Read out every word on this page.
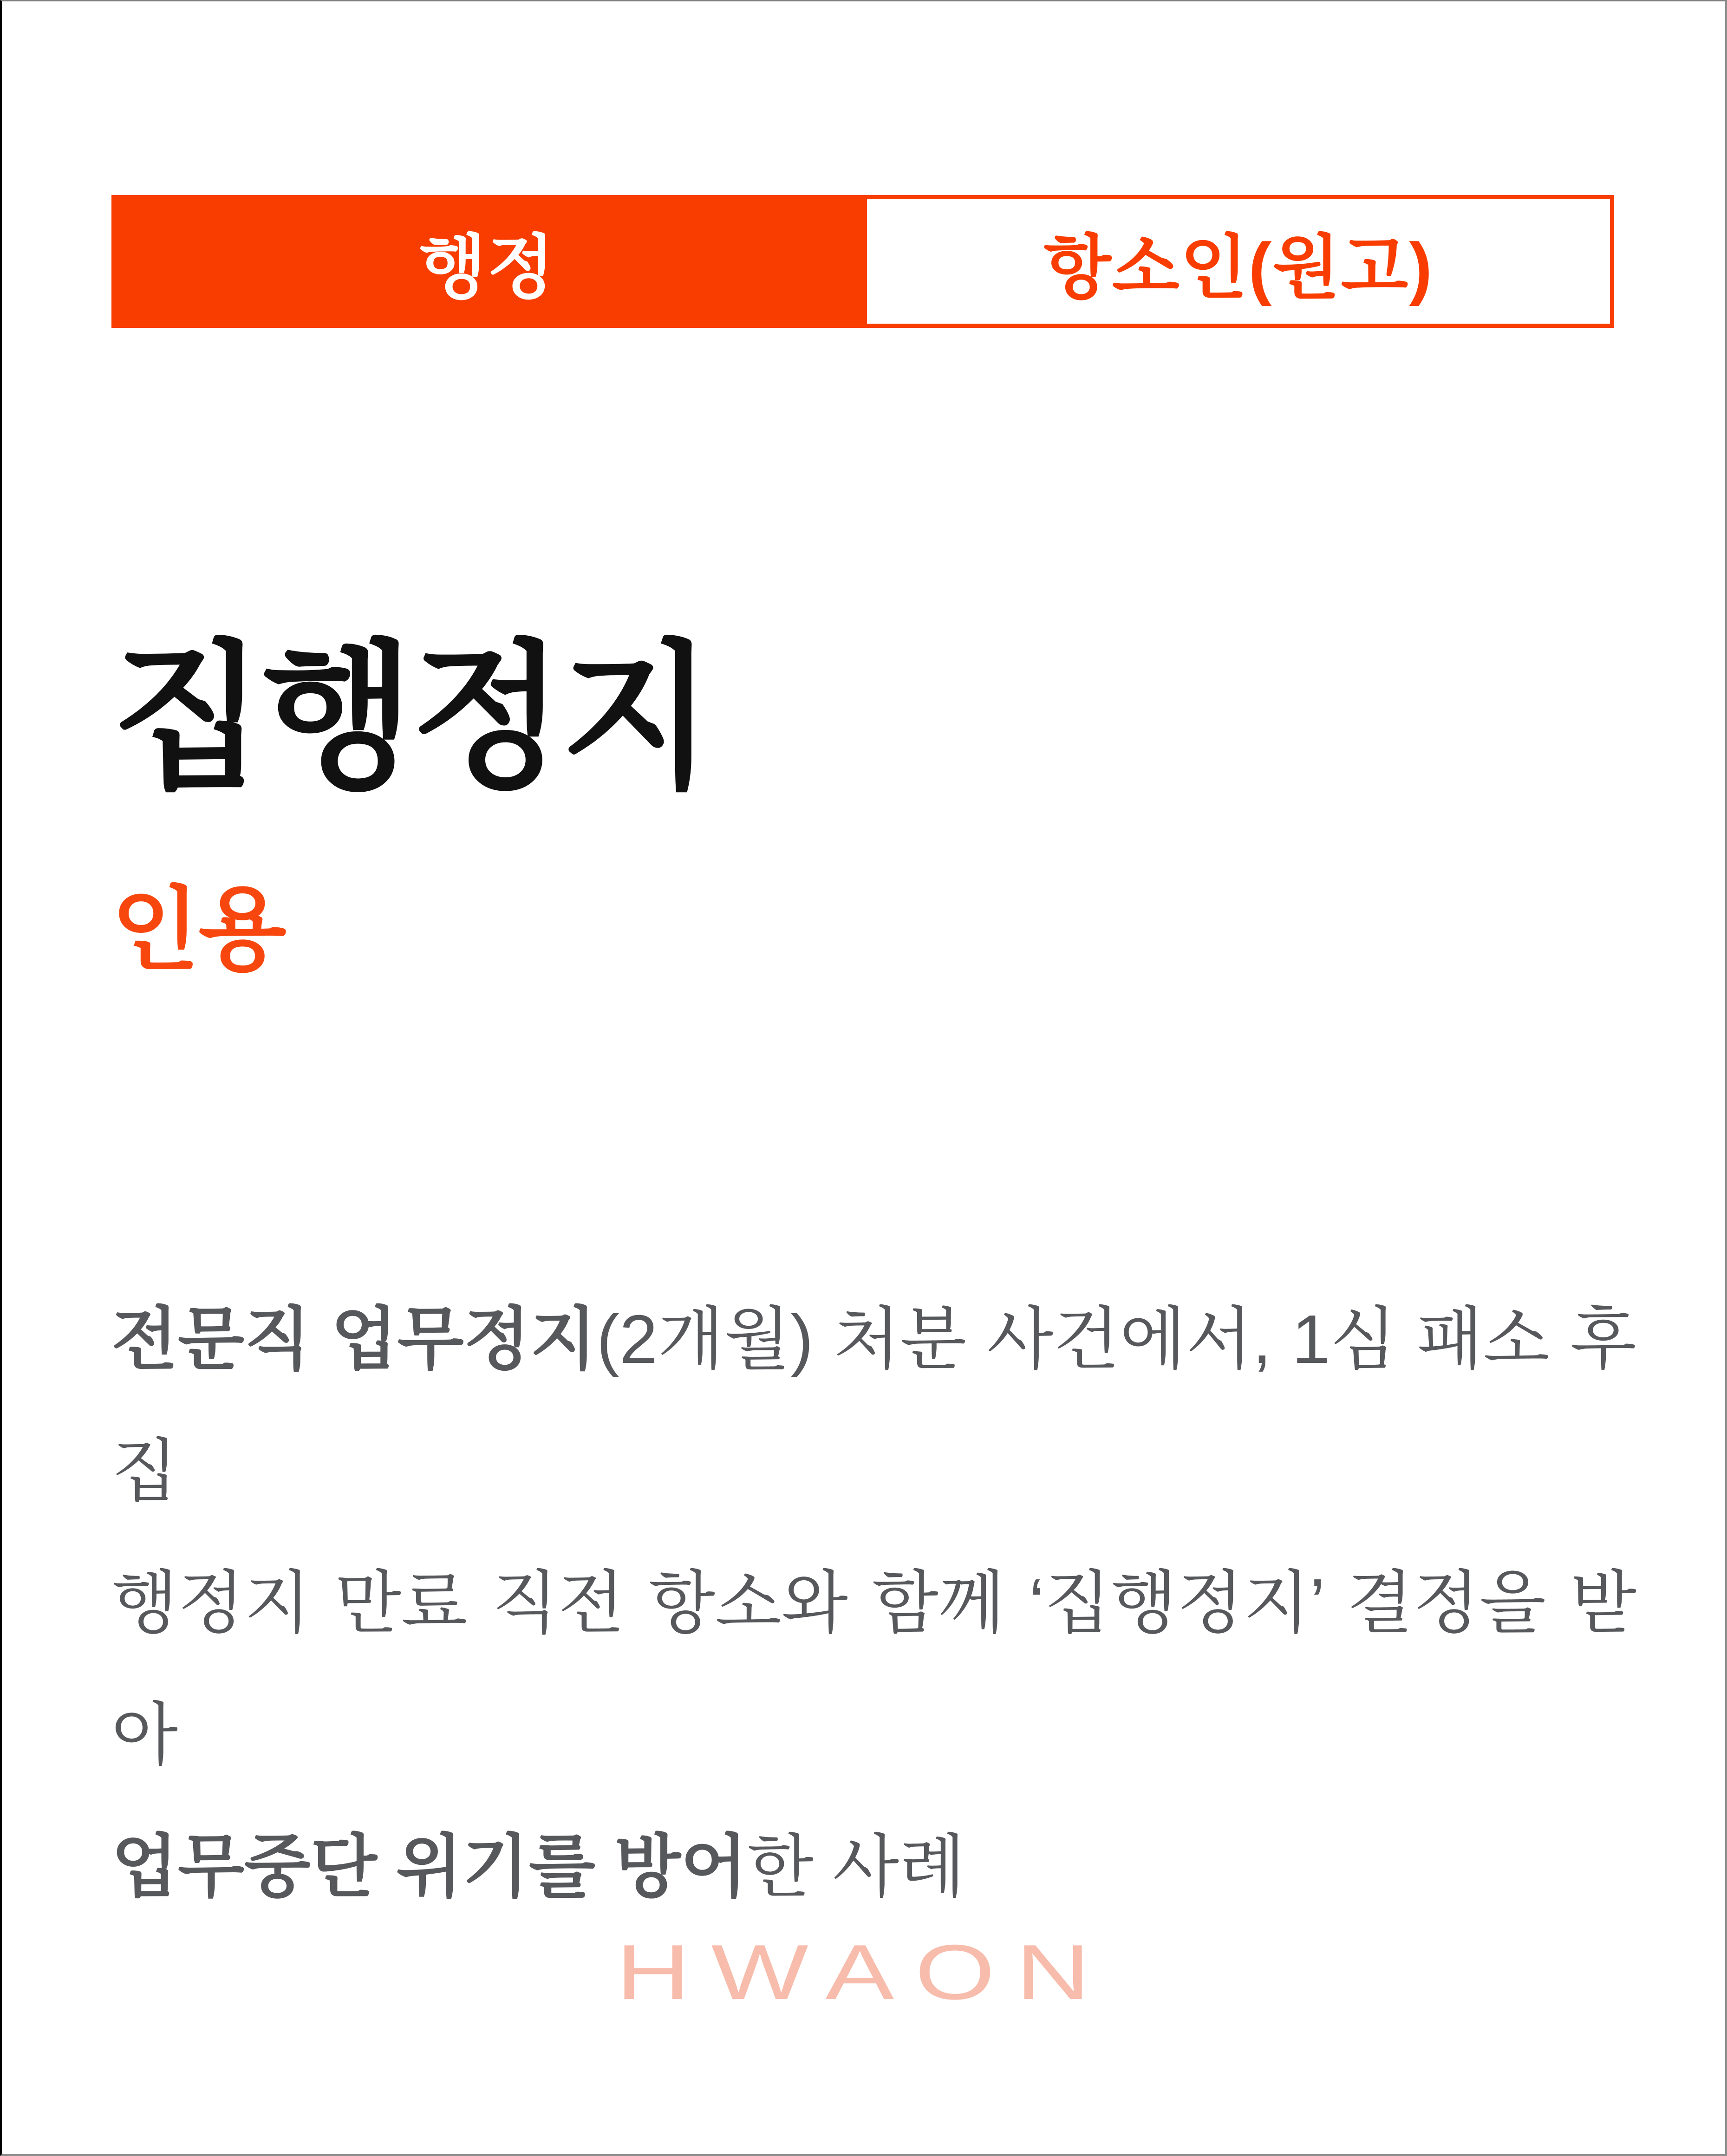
행정	항소인(원고)
집행정지
인용
전문직 업무정지(2개월) 처분 사건에서, 1심 패소 후 집
행정지 만료 직전 항소와 함께 ‘집행정지’ 결정을 받아
업무중단 위기를 방어한 사례
HWAON
